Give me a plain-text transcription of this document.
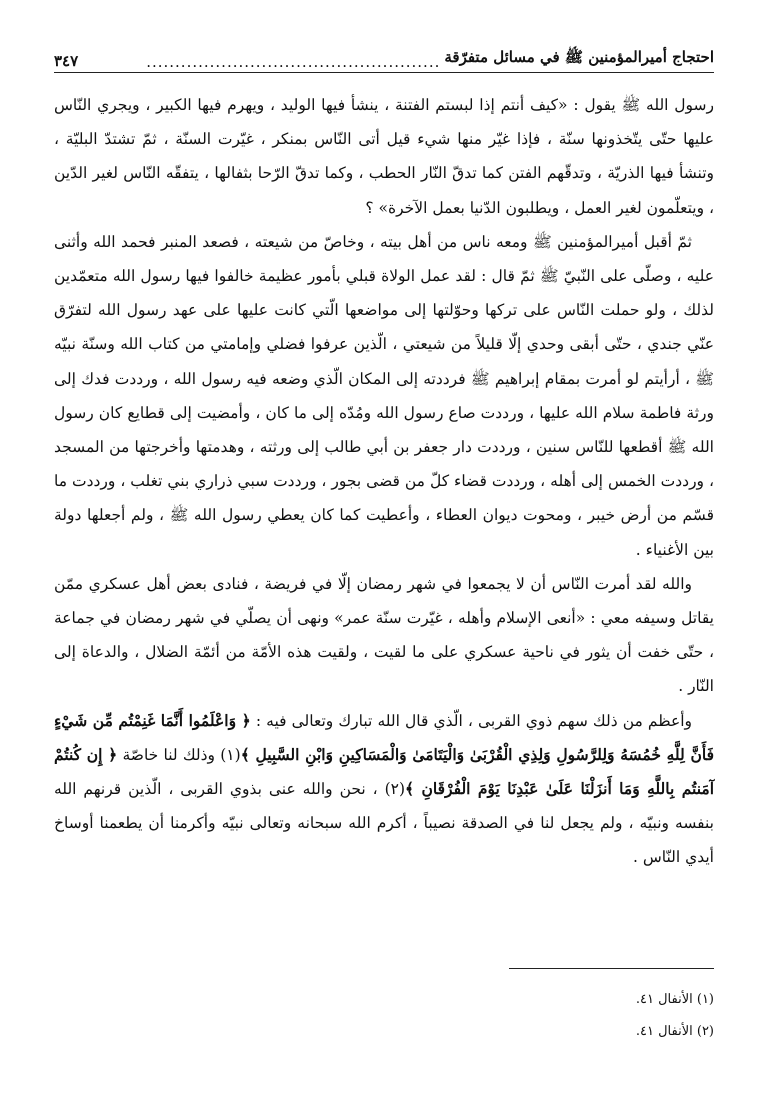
احتجاج أميرالمؤمنين ﷺ في مسائل متفرّقة
...................................................
٣٤٧

رسول الله ﷺ يقول : «كيف أنتم إذا لبستم الفتنة ، ينشأ فيها الوليد ، ويهرم فيها الكبير ، ويجري النّاس عليها حتّى يتّخذونها سنّة ، فإذا غيّر منها شيء قيل أتى النّاس بمنكر ، غيّرت السنّة ، ثمّ تشتدّ البليّة ، وتنشأ فيها الذريّة ، وتدقّهم الفتن كما تدقّ النّار الحطب ، وكما تدقّ الرّحا بثفالها ، يتفقّه النّاس لغير الدّين ، ويتعلّمون لغير العمل ، ويطلبون الدّنيا بعمل الآخرة» ؟

ثمّ أقبل أميرالمؤمنين ﷺ ومعه ناس من أهل بيته ، وخاصّ من شيعته ، فصعد المنبر فحمد الله وأثنى عليه ، وصلّى على النّبيّ ﷺ ثمّ قال : لقد عمل الولاة قبلي بأمور عظيمة خالفوا فيها رسول الله متعمّدين لذلك ، ولو حملت النّاس على تركها وحوّلتها إلى مواضعها الّتي كانت عليها على عهد رسول الله لتفرّق عنّي جندي ، حتّى أبقى وحدي إلّا قليلاً من شيعتي ، الّذين عرفوا فضلي وإمامتي من كتاب الله وسنّة نبيّه ﷺ ، أرأيتم لو أمرت بمقام إبراهيم ﷺ فرددته إلى المكان الّذي وضعه فيه رسول الله ، ورددت فدك إلى ورثة فاطمة سلام الله عليها ، ورددت صاع رسول الله ومُدّه إلى ما كان ، وأمضيت إلى قطايع كان رسول الله ﷺ أقطعها للنّاس سنين ، ورددت دار جعفر بن أبي طالب إلى ورثته ، وهدمتها وأخرجتها من المسجد ، ورددت الخمس إلى أهله ، ورددت قضاء كلّ من قضى بجور ، ورددت سبي ذراري بني تغلب ، ورددت ما قسّم من أرض خيبر ، ومحوت ديوان العطاء ، وأعطيت كما كان يعطي رسول الله ﷺ ، ولم أجعلها دولة بين الأغنياء .

والله لقد أمرت النّاس أن لا يجمعوا في شهر رمضان إلّا في فريضة ، فنادى بعض أهل عسكري ممّن يقاتل وسيفه معي : «أنعى الإسلام وأهله ، غيّرت سنّة عمر» ونهى أن يصلّي في شهر رمضان في جماعة ، حتّى خفت أن يثور في ناحية عسكري على ما لقيت ، ولقيت هذه الأمّة من أئمّة الضلال ، والدعاة إلى النّار .

وأعظم من ذلك سهم ذوي القربى ، الّذي قال الله تبارك وتعالى فيه : ﴿ وَاعْلَمُوا أَنَّمَا غَنِمْتُم مِّن شَيْءٍ فَأَنَّ لِلَّهِ خُمُسَهُ وَلِلرَّسُولِ وَلِذِي الْقُرْبَىٰ وَالْيَتَامَىٰ وَالْمَسَاكِينِ وَابْنِ السَّبِيلِ ﴾(١) وذلك لنا خاصّة ﴿ إِن كُنتُمْ آمَنتُم بِاللَّهِ وَمَا أَنزَلْنَا عَلَىٰ عَبْدِنَا يَوْمَ الْفُرْقَانِ ﴾(٢) ، نحن والله عنى بذوي القربى ، الّذين قرنهم الله بنفسه ونبيّه ، ولم يجعل لنا في الصدقة نصيباً ، أكرم الله سبحانه وتعالى نبيّه وأكرمنا أن يطعمنا أوساخ أيدي النّاس .

(١) الأنفال ٤١.
(٢) الأنفال ٤١.
